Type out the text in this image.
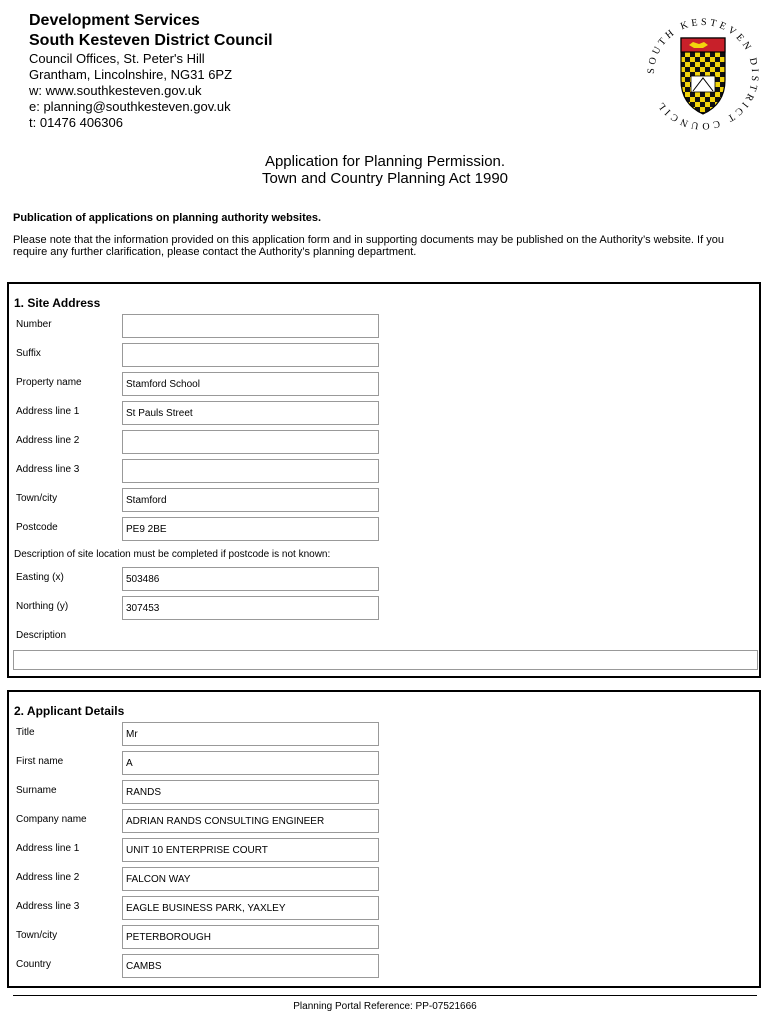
Development Services
South Kesteven District Council
Council Offices, St. Peter's Hill
Grantham, Lincolnshire, NG31 6PZ
w: www.southkesteven.gov.uk
e: planning@southkesteven.gov.uk
t: 01476 406306
SOUTH KESTEVEN DISTRICT COUNCIL
Application for Planning Permission.
Town and Country Planning Act 1990
Publication of applications on planning authority websites.
Please note that the information provided on this application form and in supporting documents may be published on the Authority’s website. If you require any further clarification, please contact the Authority’s planning department.
1. Site Address
Number
Suffix
Property name	Stamford School
Address line 1	St Pauls Street
Address line 2
Address line 3
Town/city	Stamford
Postcode	PE9 2BE
Description of site location must be completed if postcode is not known:
Easting (x)	503486
Northing (y)	307453
Description
2. Applicant Details
Title	Mr
First name	A
Surname	RANDS
Company name	ADRIAN RANDS CONSULTING ENGINEER
Address line 1	UNIT 10 ENTERPRISE COURT
Address line 2	FALCON WAY
Address line 3	EAGLE BUSINESS PARK, YAXLEY
Town/city	PETERBOROUGH
Country	CAMBS
Planning Portal Reference: PP-07521666
